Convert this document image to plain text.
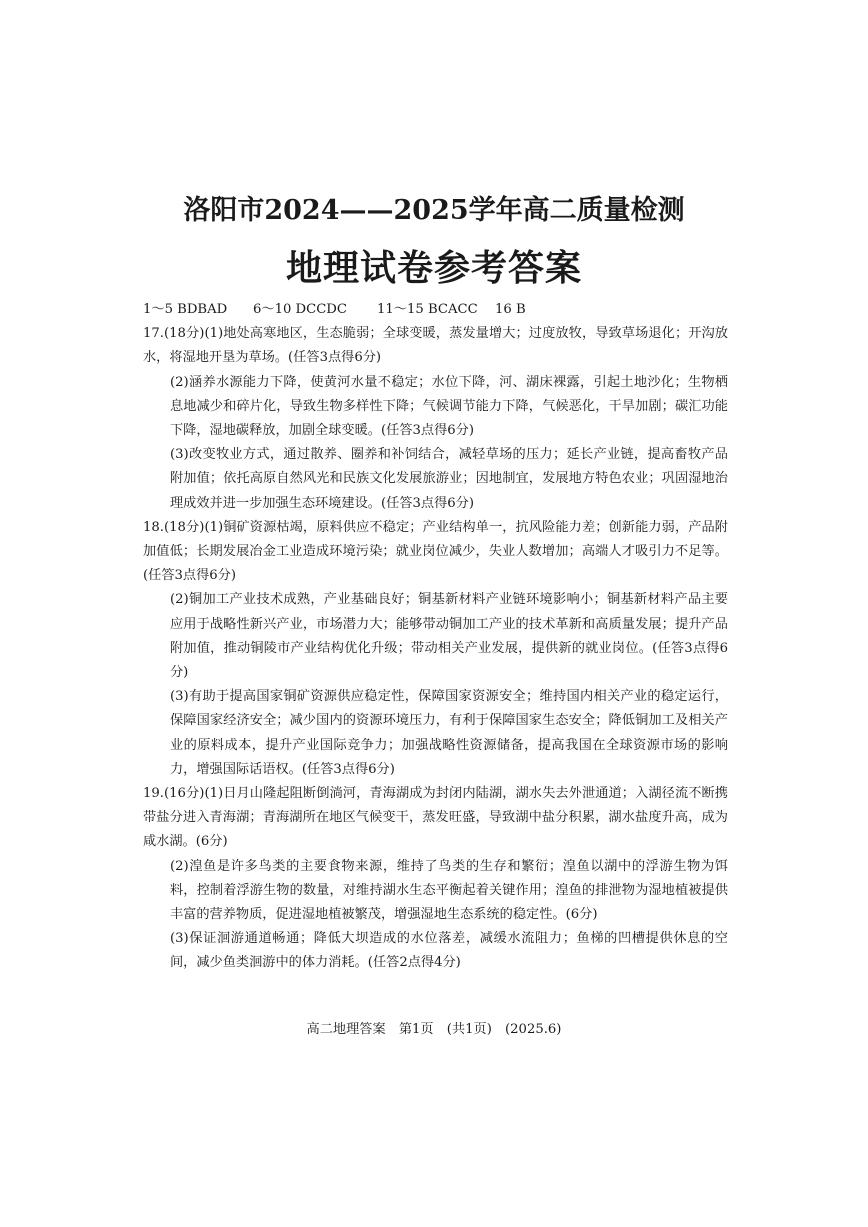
洛阳市2024——2025学年高二质量检测
地理试卷参考答案
1～5 BDBAD 6～10 DCCDC 11～15 BCACC 16 B

17.(18分)(1)地处高寒地区，生态脆弱；全球变暖，蒸发量增大；过度放牧，导致草场退化；开沟放水，将湿地开垦为草场。(任答3点得6分)

(2)涵养水源能力下降，使黄河水量不稳定；水位下降，河、湖床裸露，引起土地沙化；生物栖息地减少和碎片化，导致生物多样性下降；气候调节能力下降，气候恶化，干旱加剧；碳汇功能下降，湿地碳释放，加剧全球变暖。(任答3点得6分)

(3)改变牧业方式，通过散养、圈养和补饲结合，减轻草场的压力；延长产业链，提高畜牧产品附加值；依托高原自然风光和民族文化发展旅游业；因地制宜，发展地方特色农业；巩固湿地治理成效并进一步加强生态环境建设。(任答3点得6分)

18.(18分)(1)铜矿资源枯竭，原料供应不稳定；产业结构单一，抗风险能力差；创新能力弱，产品附加值低；长期发展冶金工业造成环境污染；就业岗位减少，失业人数增加；高端人才吸引力不足等。(任答3点得6分)

(2)铜加工产业技术成熟，产业基础良好；铜基新材料产业链环境影响小；铜基新材料产品主要应用于战略性新兴产业，市场潜力大；能够带动铜加工产业的技术革新和高质量发展；提升产品附加值，推动铜陵市产业结构优化升级；带动相关产业发展，提供新的就业岗位。(任答3点得6分)

(3)有助于提高国家铜矿资源供应稳定性，保障国家资源安全；维持国内相关产业的稳定运行，保障国家经济安全；减少国内的资源环境压力，有利于保障国家生态安全；降低铜加工及相关产业的原料成本，提升产业国际竞争力；加强战略性资源储备，提高我国在全球资源市场的影响力，增强国际话语权。(任答3点得6分)

19.(16分)(1)日月山隆起阻断倒淌河，青海湖成为封闭内陆湖，湖水失去外泄通道；入湖径流不断携带盐分进入青海湖；青海湖所在地区气候变干，蒸发旺盛，导致湖中盐分积累，湖水盐度升高，成为咸水湖。(6分)

(2)湟鱼是许多鸟类的主要食物来源，维持了鸟类的生存和繁衍；湟鱼以湖中的浮游生物为饵料，控制着浮游生物的数量，对维持湖水生态平衡起着关键作用；湟鱼的排泄物为湿地植被提供丰富的营养物质，促进湿地植被繁茂，增强湿地生态系统的稳定性。(6分)

(3)保证洄游通道畅通；降低大坝造成的水位落差，减缓水流阻力；鱼梯的凹槽提供休息的空间，减少鱼类洄游中的体力消耗。(任答2点得4分)

高二地理答案　第1页　(共1页)　(2025.6)
